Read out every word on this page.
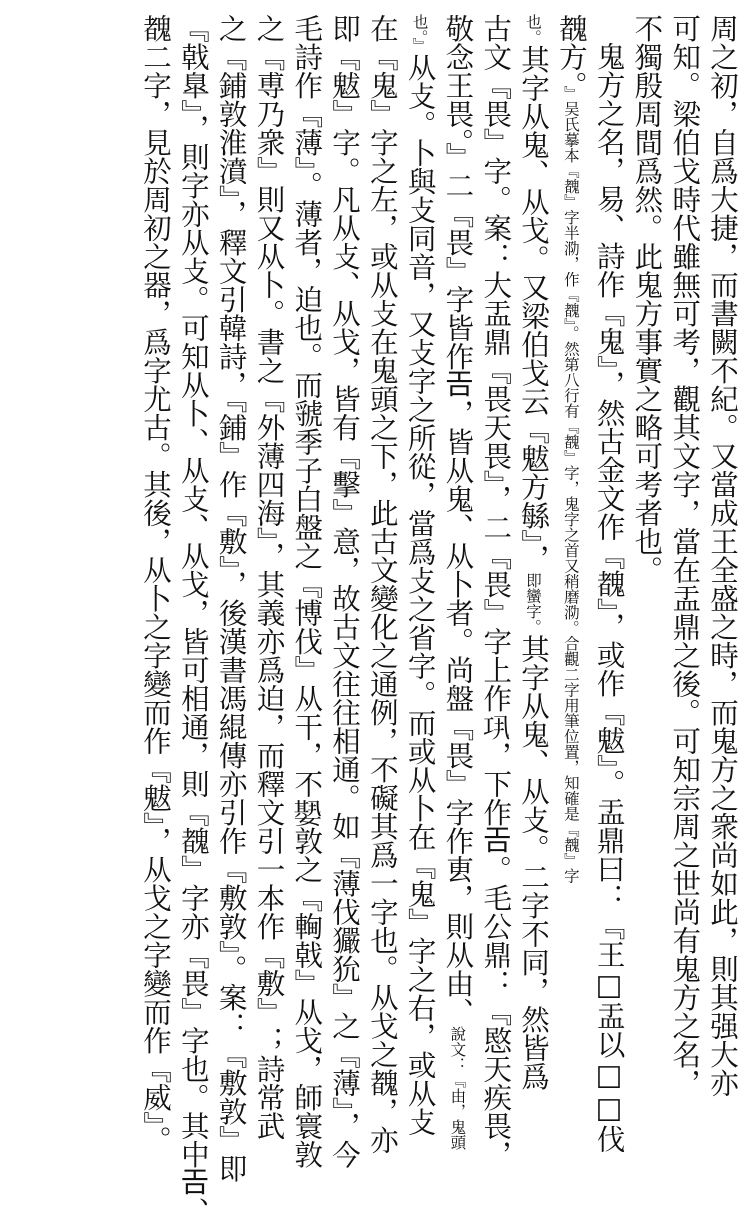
周之初，自爲大捷，而書闕不紀。又當成王全盛之時，而鬼方之衆尚如此，則其强大亦
可知。梁伯戈時代雖無可考，觀其文字，當在盂鼎之後。可知宗周之世尚有鬼方之名，
不獨殷周間爲然。此鬼方事實之略可考者也。
鬼方之名，易、詩作『鬼』，然古金文作『䰩』，或作『魃』。盂鼎曰：『王□盂以□□伐
䰩方。』吴氏摹本『䰩』字半泐，作『䰩』。然第八行有『䰩』字，鬼字之首又稍磨泐。合觀二字用筆位置，知確是『䰩』字
也。其字从鬼、从戈。又梁伯戈云『魃方緐』，即蠻字。其字从鬼、从攴。二字不同，然皆爲
古文『畏』字。案：大盂鼎『畏天畏』，二『畏』字上作𢀜，下作𢀛。毛公鼎：『愍天疾畏，
敬念王畏。』二『畏』字皆作𢀛，皆从鬼、从卜者。尚盤『畏』字作叀，則从由、說文：『由，鬼頭
也。』从攴。卜與攴同音，又攴字之所從，當爲攴之省字。而或从卜在『鬼』字之右，或从攴
在『鬼』字之左，或从攴在鬼頭之下，此古文變化之通例，不礙其爲一字也。从戈之䰩，亦
即『魃』字。凡从攴、从戈，皆有『擊』意，故古文往往相通。如『薄伐玁狁』之『薄』，今
毛詩作『薄』。薄者，迫也。而虢季子白盤之『博伐』从干，不𡢁敦之『䡘戟』从戈，師寰敦
之『尃乃衆』則又从卜。書之『外薄四海』，其義亦爲迫，而釋文引一本作『敷』；詩常武
之『鋪敦淮濆』，釋文引韓詩，『鋪』作『敷』，後漢書馮緄傳亦引作『敷敦』。案：『敷敦』即
『戟臯』，則字亦从攴。可知从卜、从攴、从戈，皆可相通，則『䰩』字亦『畏』字也。其中𢀛、
䰩二字，見於周初之器，爲字尤古。其後，从卜之字變而作『魃』，从戈之字變而作『威』。
